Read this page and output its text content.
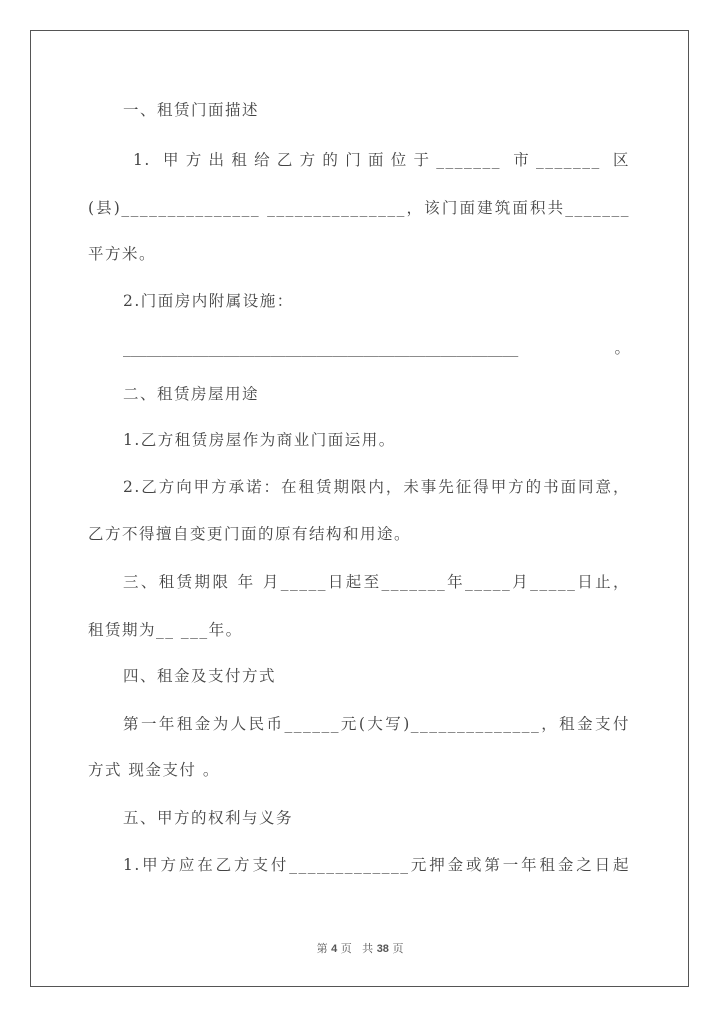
一、租赁门面描述
1. 甲方出租给乙方的门面位于_______ 市_______ 区
(县)_______________ _______________，该门面建筑面积共_______
平方米。
2.门面房内附属设施：
___________________________________________________。
二、租赁房屋用途
1.乙方租赁房屋作为商业门面运用。
2.乙方向甲方承诺：在租赁期限内，未事先征得甲方的书面同意，
乙方不得擅自变更门面的原有结构和用途。
三、租赁期限 年 月_____日起至_______年_____月_____日止，
租赁期为__ ___年。
四、租金及支付方式
第一年租金为人民币______元(大写)______________，租金支付
方式 现金支付 。
五、甲方的权利与义务
1.甲方应在乙方支付_____________元押金或第一年租金之日起
第 4 页   共 38 页
